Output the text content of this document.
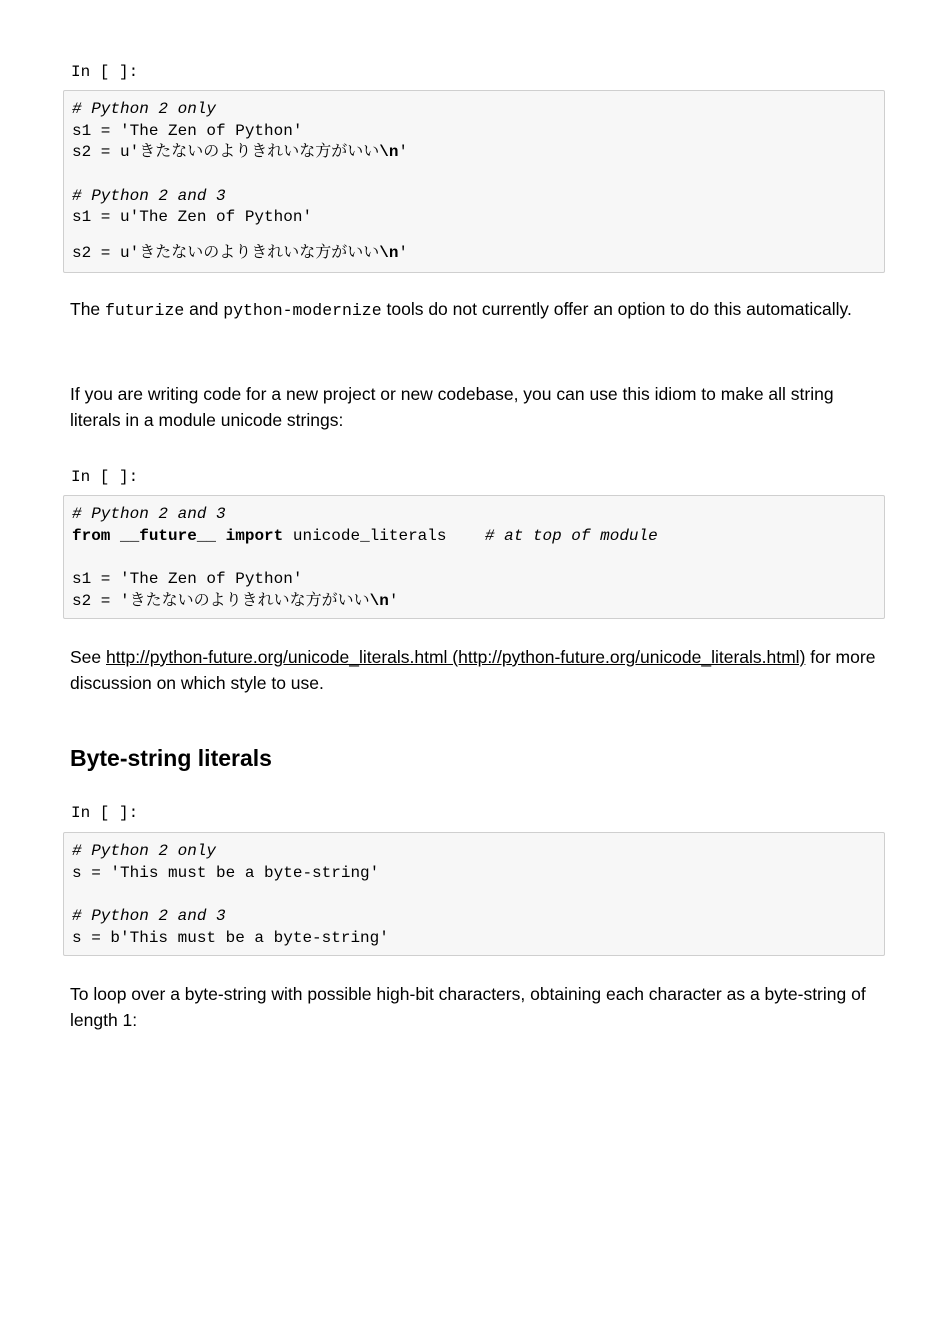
In [ ]:
# Python 2 only
s1 = 'The Zen of Python'
s2 = u'きたないのよりきれいな方がいい\n'
# Python 2 and 3
s1 = u'The Zen of Python'
s2 = u'きたないのよりきれいな方がいい\n'

The futurize and python-modernize tools do not currently offer an option to do this automatically.

If you are writing code for a new project or new codebase, you can use this idiom to make all string literals in a module unicode strings:

In [ ]:
# Python 2 and 3
from __future__ import unicode_literals # at top of module
s1 = 'The Zen of Python'
s2 = 'きたないのよりきれいな方がいい\n'

See http://python-future.org/unicode_literals.html (http://python-future.org/unicode_literals.html) for more discussion on which style to use.

Byte-string literals
In [ ]:
# Python 2 only
s = 'This must be a byte-string'
# Python 2 and 3
s = b'This must be a byte-string'

To loop over a byte-string with possible high-bit characters, obtaining each character as a byte-string of length 1:
